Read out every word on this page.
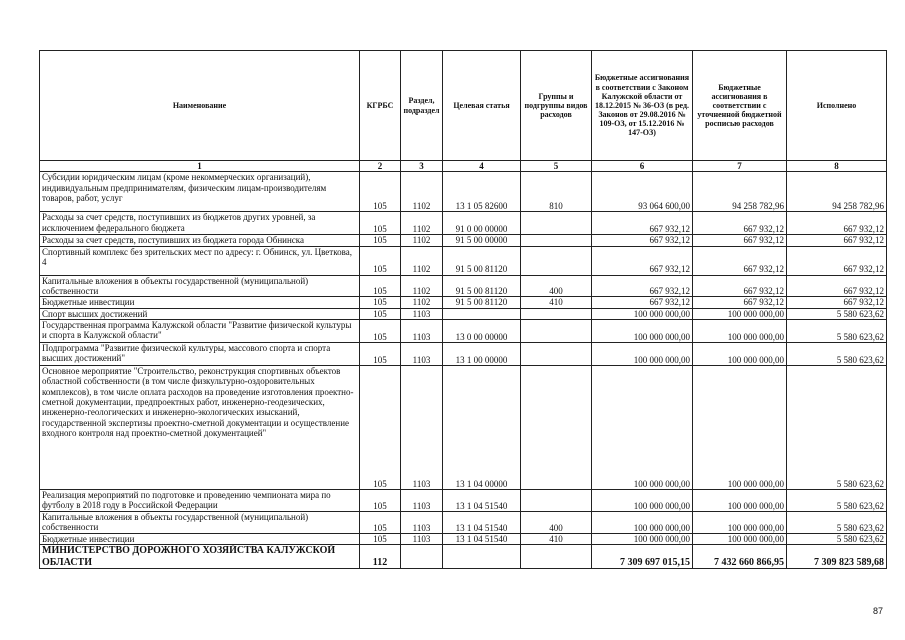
Наименование	КГРБС	Раздел, подраздел	Целевая статья	Группы и подгруппы видов расходов	Бюджетные ассигнования в соответствии с Законом Калужской области от 18.12.2015 № 36-ОЗ (в ред. Законов от 29.08.2016 № 109-ОЗ, от 15.12.2016 № 147-ОЗ)	Бюджетные ассигнования в соответствии с уточненной бюджетной росписью расходов	Исполнено
1	2	3	4	5	6	7	8
Субсидии юридическим лицам (кроме некоммерческих организаций), индивидуальным предпринимателям, физическим лицам-производителям товаров, работ, услуг	105	1102	13 1 05 82600	810	93 064 600,00	94 258 782,96	94 258 782,96
Расходы за счет средств, поступивших из бюджетов других уровней, за исключением федерального бюджета	105	1102	91 0 00 00000		667 932,12	667 932,12	667 932,12
Расходы за счет средств, поступивших из бюджета города Обнинска	105	1102	91 5 00 00000		667 932,12	667 932,12	667 932,12
Спортивный комплекс без зрительских мест по адресу: г. Обнинск, ул. Цветкова, 4	105	1102	91 5 00 81120		667 932,12	667 932,12	667 932,12
Капитальные вложения в объекты государственной (муниципальной) собственности	105	1102	91 5 00 81120	400	667 932,12	667 932,12	667 932,12
Бюджетные инвестиции	105	1102	91 5 00 81120	410	667 932,12	667 932,12	667 932,12
Спорт высших достижений	105	1103			100 000 000,00	100 000 000,00	5 580 623,62
Государственная программа Калужской области "Развитие физической культуры и спорта в Калужской области"	105	1103	13 0 00 00000		100 000 000,00	100 000 000,00	5 580 623,62
Подпрограмма "Развитие физической культуры, массового спорта и спорта высших достижений"	105	1103	13 1 00 00000		100 000 000,00	100 000 000,00	5 580 623,62
Основное мероприятие "Строительство, реконструкция спортивных объектов областной собственности (в том числе физкультурно-оздоровительных комплексов), в том числе оплата расходов на проведение изготовления проектно-сметной документации, предпроектных работ, инженерно-геодезических, инженерно-геологических и инженерно-экологических изысканий, государственной экспертизы проектно-сметной документации и осуществление входного контроля над проектно-сметной документацией"	105	1103	13 1 04 00000		100 000 000,00	100 000 000,00	5 580 623,62
Реализация мероприятий по подготовке и проведению чемпионата мира по футболу в 2018 году в Российской Федерации	105	1103	13 1 04 51540		100 000 000,00	100 000 000,00	5 580 623,62
Капитальные вложения в объекты государственной (муниципальной) собственности	105	1103	13 1 04 51540	400	100 000 000,00	100 000 000,00	5 580 623,62
Бюджетные инвестиции	105	1103	13 1 04 51540	410	100 000 000,00	100 000 000,00	5 580 623,62
МИНИСТЕРСТВО ДОРОЖНОГО ХОЗЯЙСТВА КАЛУЖСКОЙ ОБЛАСТИ	112				7 309 697 015,15	7 432 660 866,95	7 309 823 589,68
87
